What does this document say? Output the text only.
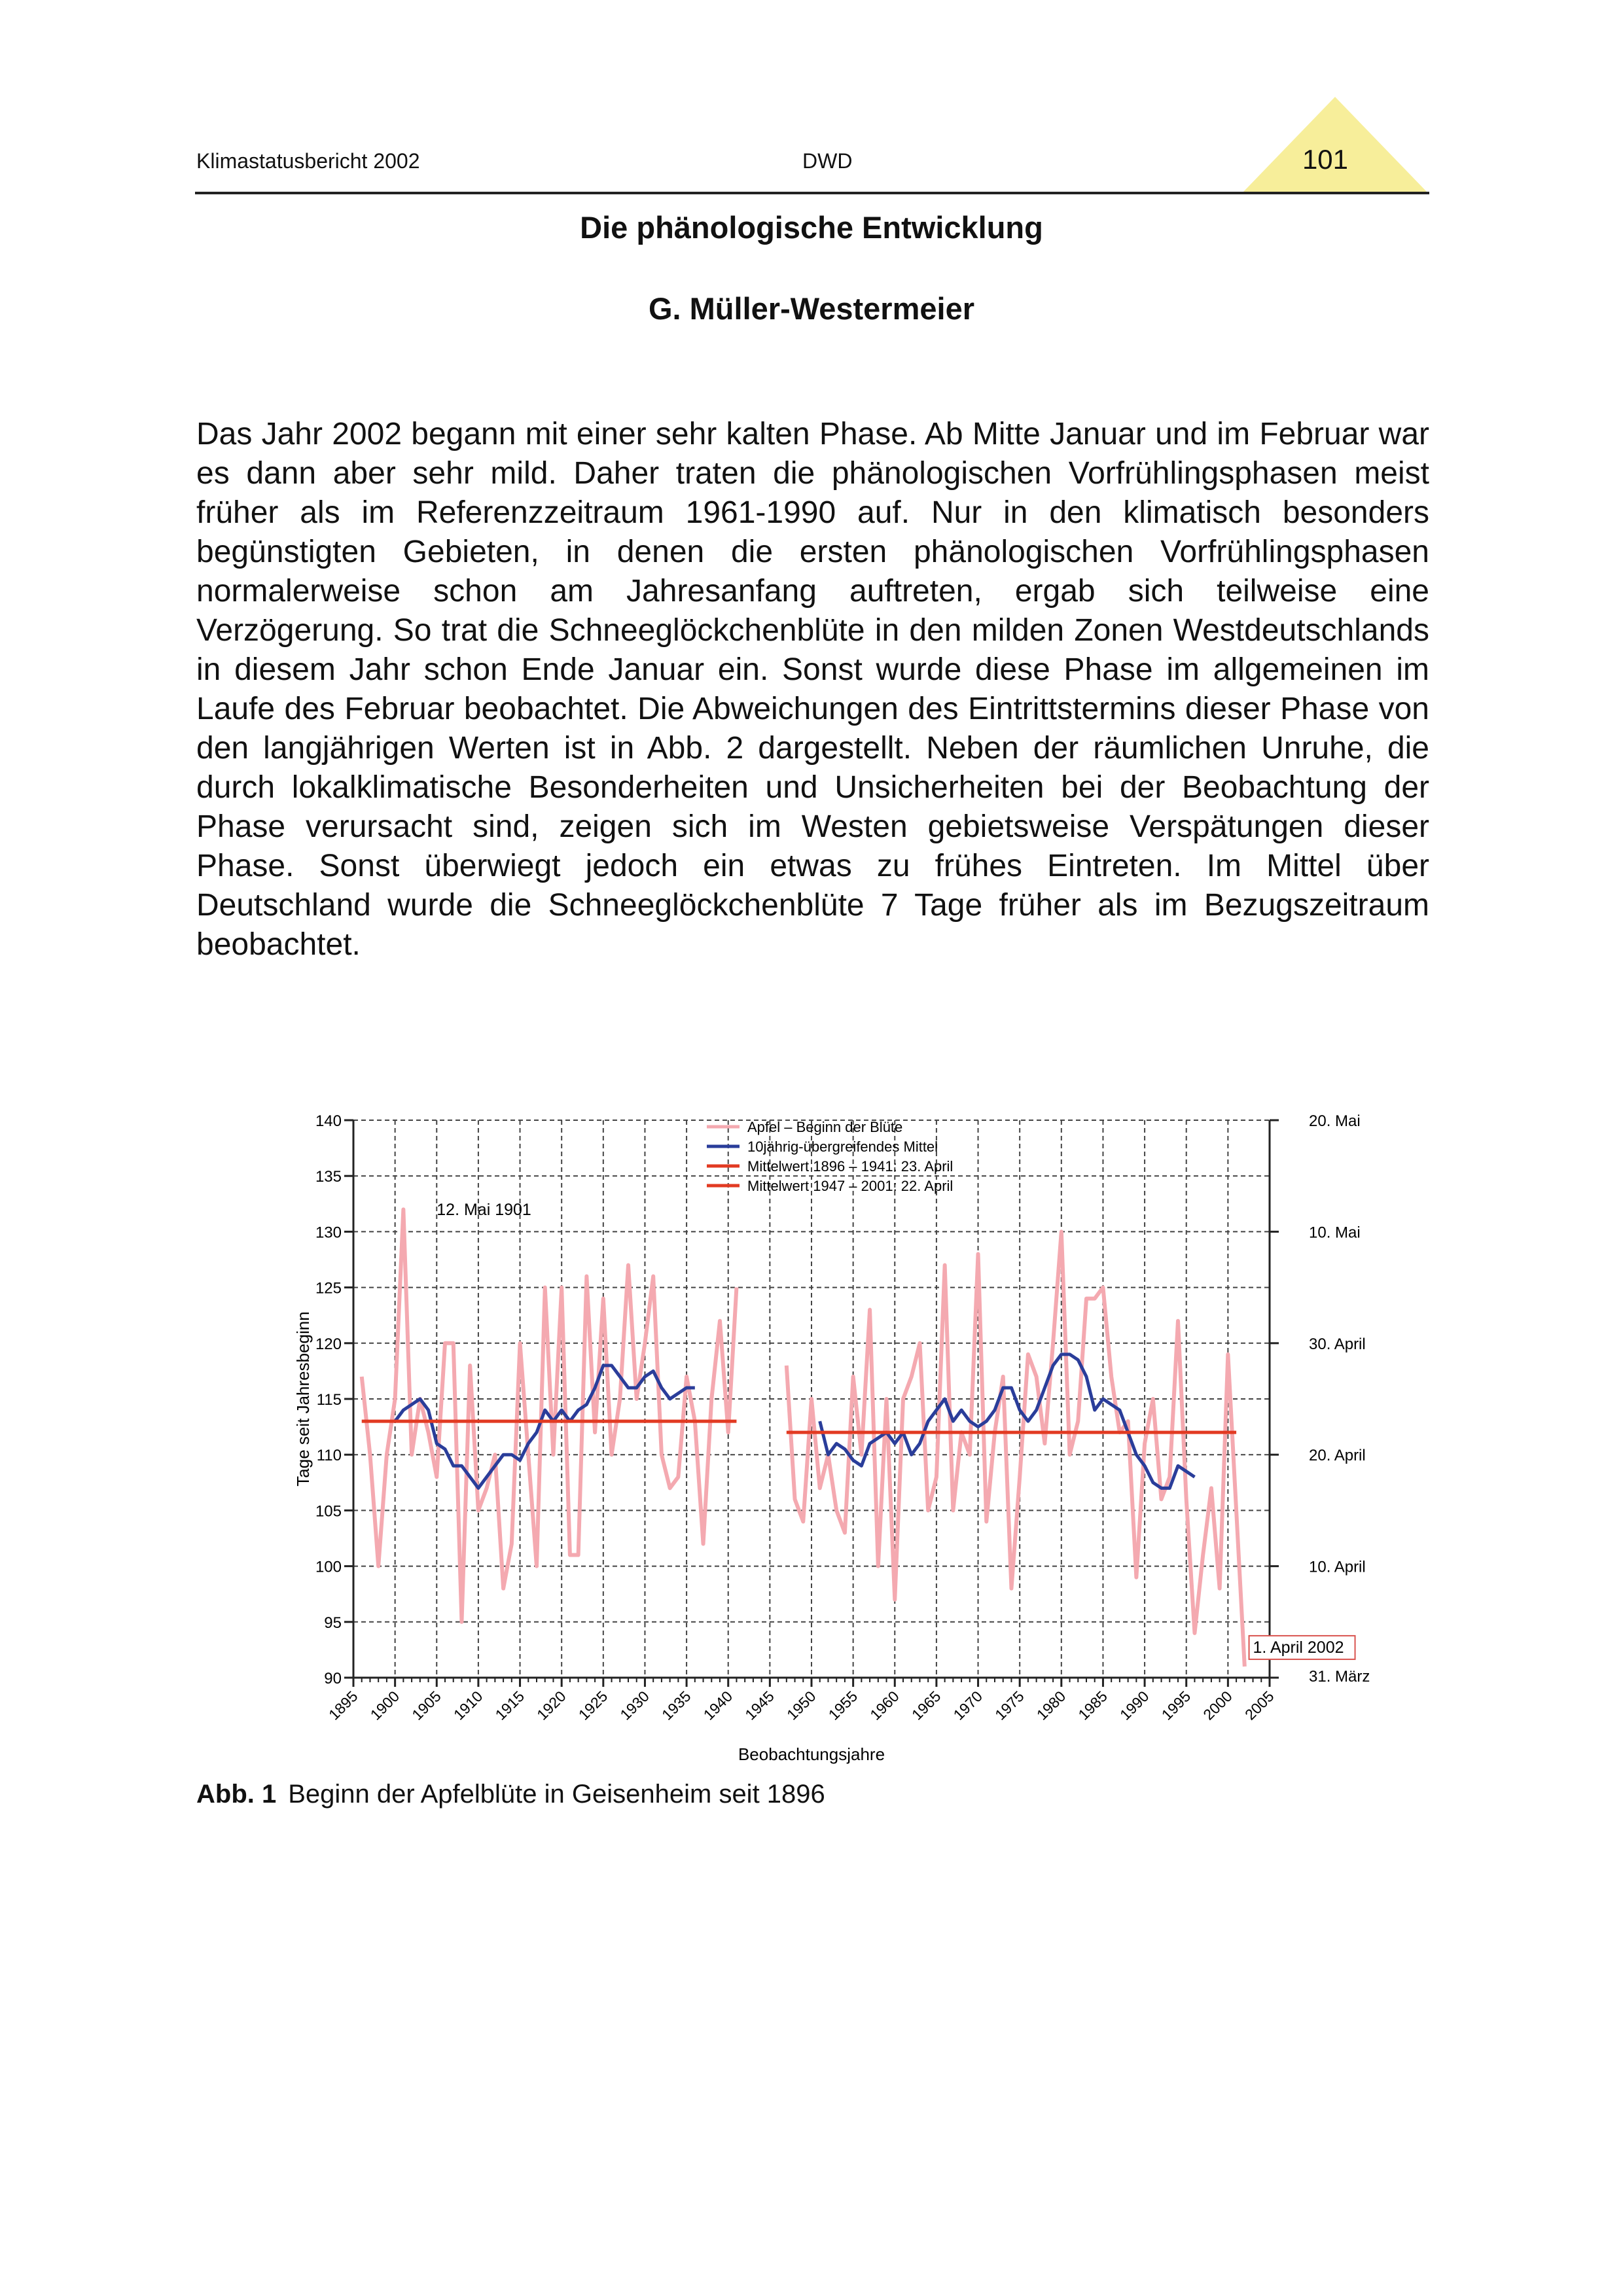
Klimastatusbericht 2002	DWD	101
Die phänologische Entwicklung
G. Müller-Westermeier

Das Jahr 2002 begann mit einer sehr kalten Phase. Ab Mitte Januar und im Februar war es dann aber sehr mild. Daher traten die phänologischen Vorfrühlingsphasen meist früher als im Referenzzeitraum 1961-1990 auf. Nur in den klimatisch besonders begünstigten Gebieten, in denen die ersten phänologischen Vorfrühlingsphasen normalerweise schon am Jahresanfang auftreten, ergab sich teilweise eine Verzögerung. So trat die Schneeglöckchenblüte in den milden Zonen Westdeutschlands in diesem Jahr schon Ende Januar ein. Sonst wurde diese Phase im allgemeinen im Laufe des Februar beobachtet. Die Abweichungen des Eintrittstermins dieser Phase von den langjährigen Werten ist in Abb. 2 dargestellt. Neben der räumlichen Unruhe, die durch lokalklimatische Besonderheiten und Unsicherheiten bei der Beobachtung der Phase verursacht sind, zeigen sich im Westen gebietsweise Verspätungen dieser Phase. Sonst überwiegt jedoch ein etwas zu frühes Eintreten. Im Mittel über Deutschland wurde die Schneeglöckchenblüte 7 Tage früher als im Bezugszeitraum beobachtet.

90
95
100
105
110
115
120
125
130
135
140	20. Mai
10. Mai
30. April
20. April
10. April
31. März
1895 1900 1905 1910 1915 1920 1925 1930 1935 1940 1945 1950 1955 1960 1965 1970 1975 1980 1985 1990 1995 2000 2005
Beobachtungsjahre
Tage seit Jahresbeginn
12. Mai 1901
1. April 2002
Apfel – Beginn der Blüte
10jährig-übergreifendes Mittel
Mittelwert 1896 – 1941: 23. April
Mittelwert 1947 – 2001: 22. April
Abb. 1 Beginn der Apfelblüte in Geisenheim seit 1896
